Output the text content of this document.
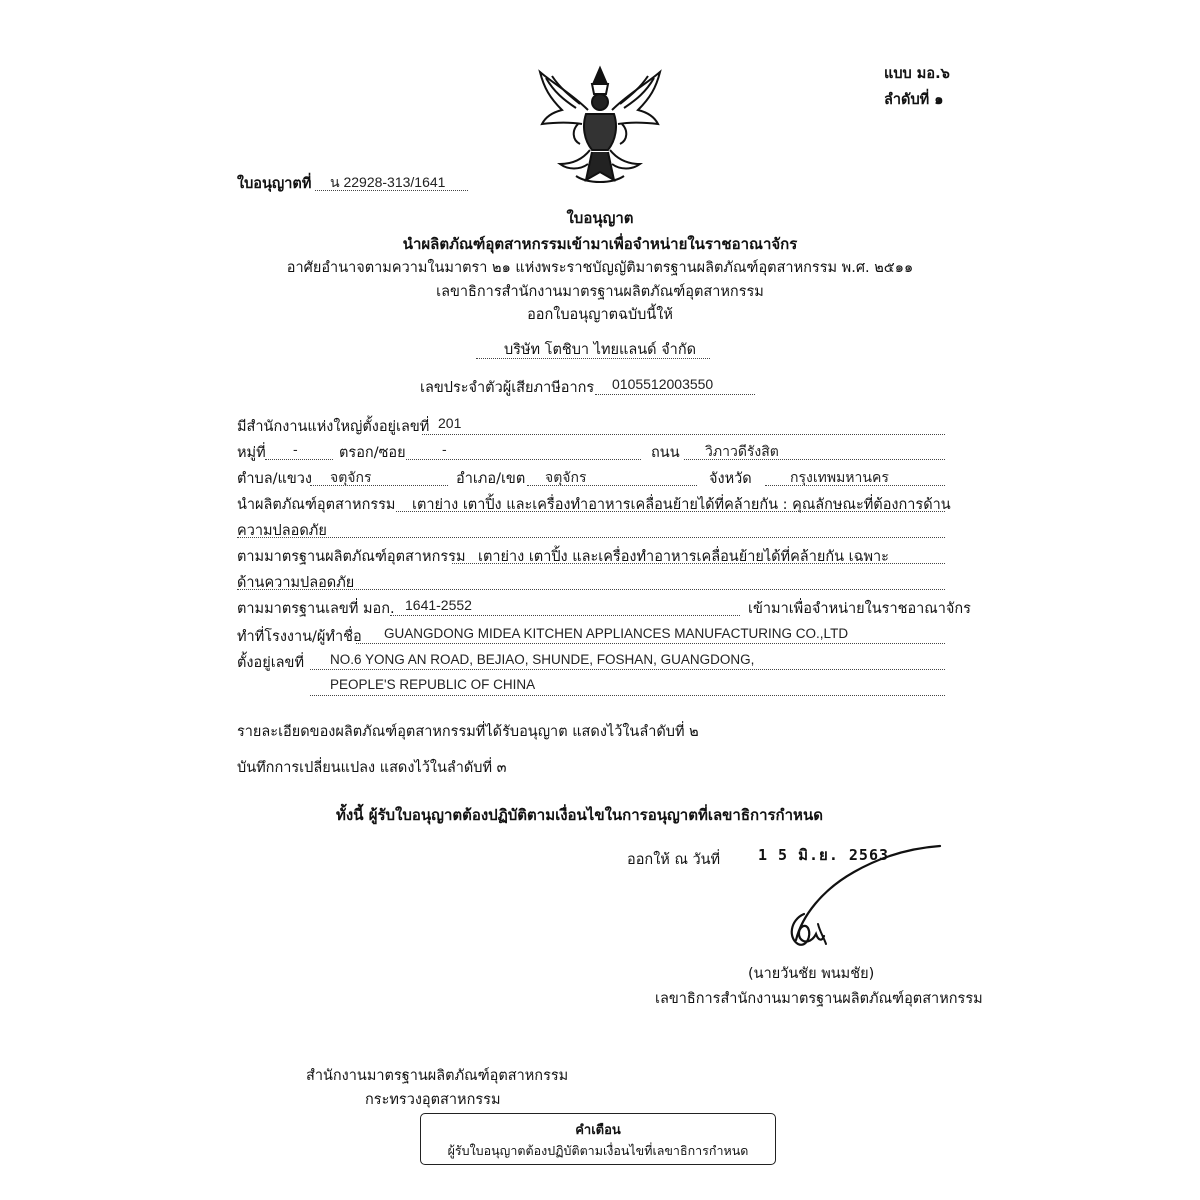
แบบ มอ.๖
ลำดับที่ ๑
ใบอนุญาตที่ น 22928-313/1641
ใบอนุญาต
นำผลิตภัณฑ์อุตสาหกรรมเข้ามาเพื่อจำหน่ายในราชอาณาจักร
อาศัยอำนาจตามความในมาตรา ๒๑ แห่งพระราชบัญญัติมาตรฐานผลิตภัณฑ์อุตสาหกรรม พ.ศ. ๒๕๑๑
เลขาธิการสำนักงานมาตรฐานผลิตภัณฑ์อุตสาหกรรม
ออกใบอนุญาตฉบับนี้ให้
บริษัท โตชิบา ไทยแลนด์ จำกัด
เลขประจำตัวผู้เสียภาษีอากร 0105512003550
มีสำนักงานแห่งใหญ่ตั้งอยู่เลขที่ 201
หมู่ที่ -	ตรอก/ซอย	-	ถนน วิภาวดีรังสิต
ตำบล/แขวง จตุจักร	อำเภอ/เขต จตุจักร	จังหวัด	กรุงเทพมหานคร
นำผลิตภัณฑ์อุตสาหกรรม เตาย่าง เตาปิ้ง และเครื่องทำอาหารเคลื่อนย้ายได้ที่คล้ายกัน : คุณลักษณะที่ต้องการด้าน
ความปลอดภัย
ตามมาตรฐานผลิตภัณฑ์อุตสาหกรรม เตาย่าง เตาปิ้ง และเครื่องทำอาหารเคลื่อนย้ายได้ที่คล้ายกัน เฉพาะ
ด้านความปลอดภัย
ตามมาตรฐานเลขที่ มอก. 1641-2552	เข้ามาเพื่อจำหน่ายในราชอาณาจักร
ทำที่โรงงาน/ผู้ทำชื่อ GUANGDONG MIDEA KITCHEN APPLIANCES MANUFACTURING CO.,LTD
ตั้งอยู่เลขที่ NO.6 YONG AN ROAD, BEJIAO, SHUNDE, FOSHAN, GUANGDONG,
PEOPLE'S REPUBLIC OF CHINA
รายละเอียดของผลิตภัณฑ์อุตสาหกรรมที่ได้รับอนุญาต แสดงไว้ในลำดับที่ ๒
บันทึกการเปลี่ยนแปลง แสดงไว้ในลำดับที่ ๓
ทั้งนี้ ผู้รับใบอนุญาตต้องปฏิบัติตามเงื่อนไขในการอนุญาตที่เลขาธิการกำหนด
ออกให้ ณ วันที่	1 5 มิ.ย. 2563
(นายวันชัย พนมชัย)
เลขาธิการสำนักงานมาตรฐานผลิตภัณฑ์อุตสาหกรรม
สำนักงานมาตรฐานผลิตภัณฑ์อุตสาหกรรม
กระทรวงอุตสาหกรรม
คำเตือน
ผู้รับใบอนุญาตต้องปฏิบัติตามเงื่อนไขที่เลขาธิการกำหนด
